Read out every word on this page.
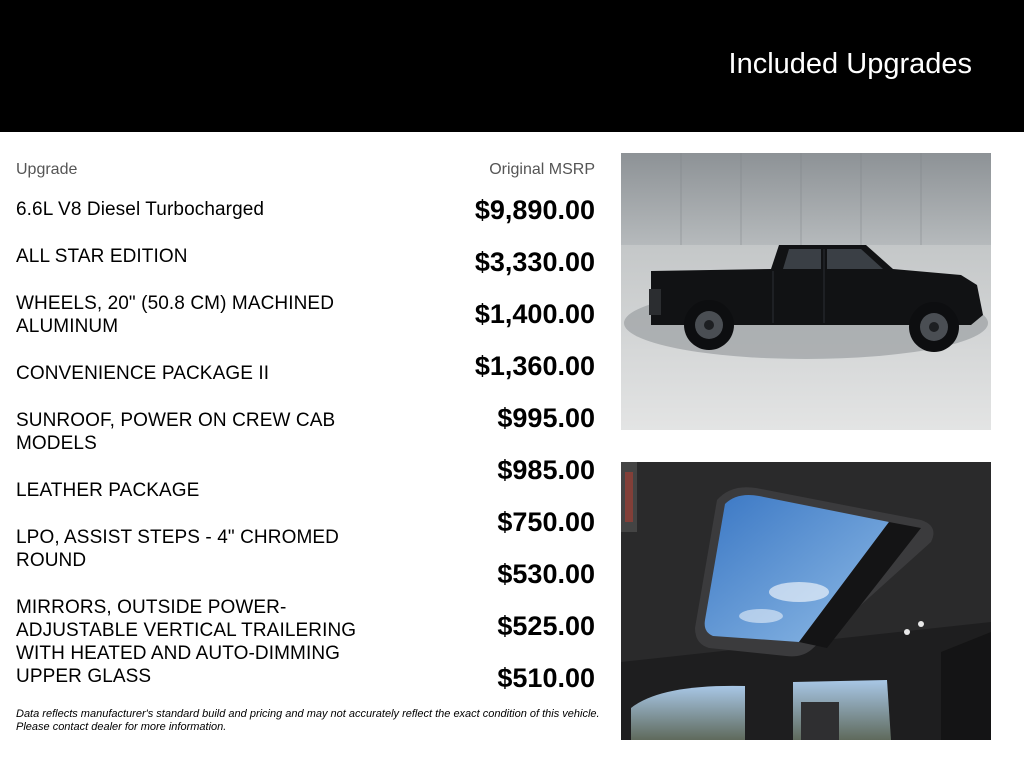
Included Upgrades
Upgrade	Original MSRP
6.6L V8 Diesel Turbocharged
ALL STAR EDITION
WHEELS, 20" (50.8 CM) MACHINED ALUMINUM
CONVENIENCE PACKAGE II
SUNROOF, POWER ON CREW CAB MODELS
LEATHER PACKAGE
LPO, ASSIST STEPS - 4" CHROMED ROUND
MIRRORS, OUTSIDE POWER-ADJUSTABLE VERTICAL TRAILERING WITH HEATED AND AUTO-DIMMING UPPER GLASS
$9,890.00
$3,330.00
$1,400.00
$1,360.00
$995.00
$985.00
$750.00
$530.00
$525.00
$510.00
Data reflects manufacturer's standard build and pricing and may not accurately reflect the exact condition of this vehicle.
Please contact dealer for more information.
